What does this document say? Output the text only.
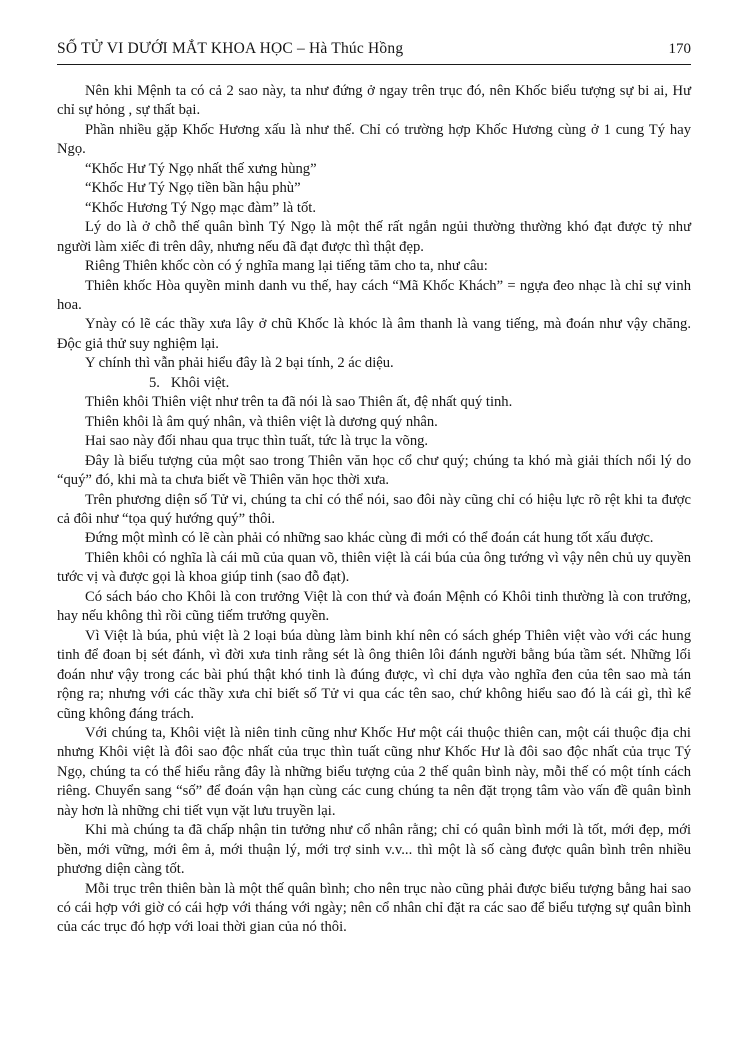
SỐ TỬ VI DƯỚI MẮT KHOA HỌC – Hà Thúc Hồng	170

Nên khi Mệnh ta có cả 2 sao này, ta như đứng ở ngay trên trục đó, nên Khốc biểu tượng sự bi ai, Hư chỉ sự hỏng , sự thất bại.

Phần nhiều gặp Khốc Hương xấu là như thế. Chỉ có trường hợp Khốc Hương cùng ở 1 cung Tý hay Ngọ.

“Khốc Hư Tý Ngọ nhất thế xưng hùng”

“Khốc Hư Tý Ngọ tiền bần hậu phù”

“Khốc Hương Tý Ngọ mạc đàm” là tốt.

Lý do là ở chỗ thế quân bình Tý Ngọ là một thế rất ngắn ngủi thường thường khó đạt được tỷ như người làm xiếc đi trên dây, nhưng nếu đã đạt được thì thật đẹp.

Riêng Thiên khốc còn có ý nghĩa mang lại tiếng tăm cho ta, như câu:

Thiên khốc Hòa quyền minh danh vu thế, hay cách “Mã Khốc Khách” = ngựa đeo nhạc là chỉ sự vinh hoa.

Ynày có lẽ các thầy xưa lây ở chũ Khốc là khóc là âm thanh là vang tiếng, mà đoán như vậy chăng. Độc giả thử suy nghiệm lại.

Y chính thì vẫn phải hiểu đây là 2 bại tính, 2 ác diệu.

5.   Khôi việt.

Thiên khôi Thiên việt như trên ta đã nói là sao Thiên ất, đệ nhất quý tinh.

Thiên khôi là âm quý nhân, và thiên việt là dương quý nhân.

Hai sao này đối nhau qua trục thìn tuất, tức là trục la võng.

Đây là biểu tượng của một sao trong Thiên văn học cổ chư quý; chúng ta khó mà giải thích nổi lý do “quý” đó, khi mà ta chưa biết về Thiên văn học thời xưa.

Trên phương diện số Tử vi, chúng ta chỉ có thể nói, sao đôi này cũng chỉ có hiệu lực rõ rệt khi ta được cả đôi như “tọa quý hướng quý” thôi.

Đứng một mình có lẽ càn phải có những sao khác cùng đi mới có thể đoán cát hung tốt xấu được.

Thiên khôi có nghĩa là cái mũ của quan võ, thiên việt là cái búa của ông tướng vì vậy nên chủ uy quyền tước vị và được gọi là khoa giúp tinh (sao đỗ đạt).

Có sách báo cho Khôi là con trưởng Việt là con thứ và đoán Mệnh có Khôi tinh thường là con trưởng, hay nếu không thì rồi cũng tiếm trưởng quyền.

Vì Việt là búa, phủ việt là 2 loại búa dùng làm binh khí nên có sách ghép Thiên việt vào với các hung tinh để đoan bị sét đánh, vì đời xưa tinh rằng sét là ông thiên lôi đánh người bằng búa tầm sét. Những lối đoán như vậy trong các bài phú thật khó tinh là đúng được, vì chỉ dựa vào nghĩa đen của tên sao mà tán rộng ra; nhưng với các thầy xưa chỉ biết số Tử vi qua các tên sao, chứ không hiểu sao đó là cái gì, thì kể cũng không đáng trách.

Với chúng ta, Khôi việt là niên tinh cũng như Khốc Hư một cái thuộc thiên can, một cái thuộc địa chi nhưng Khôi việt là đôi sao độc nhất của trục thìn tuất cũng như Khốc Hư là đôi sao độc nhất của trục Tý Ngọ, chúng ta có thể hiểu rằng đây là những biểu tượng của 2 thế quân bình này, mỗi thế có một tính cách riêng. Chuyển sang “số” để đoán vận hạn cùng các cung chúng ta nên đặt trọng tâm vào vấn đề quân bình này hơn là những chi tiết vụn vặt lưu truyền lại.

Khi mà chúng ta đã chấp nhận tin tưởng như cổ nhân rằng; chỉ có quân bình mới là tốt, mới đẹp, mới bền, mới vững, mới êm ả, mới thuận lý, mới trợ sinh v.v... thì một là số càng được quân bình trên nhiều phương diện càng tốt.

Mỗi trục trên thiên bàn là một thế quân bình; cho nên trục nào cũng phải được biểu tượng bằng hai sao có cái hợp với giờ có cái hợp với tháng với ngày; nên cổ nhân chỉ đặt ra các sao để biểu tượng sự quân bình của các trục đó hợp với loai thời gian của nó thôi.
